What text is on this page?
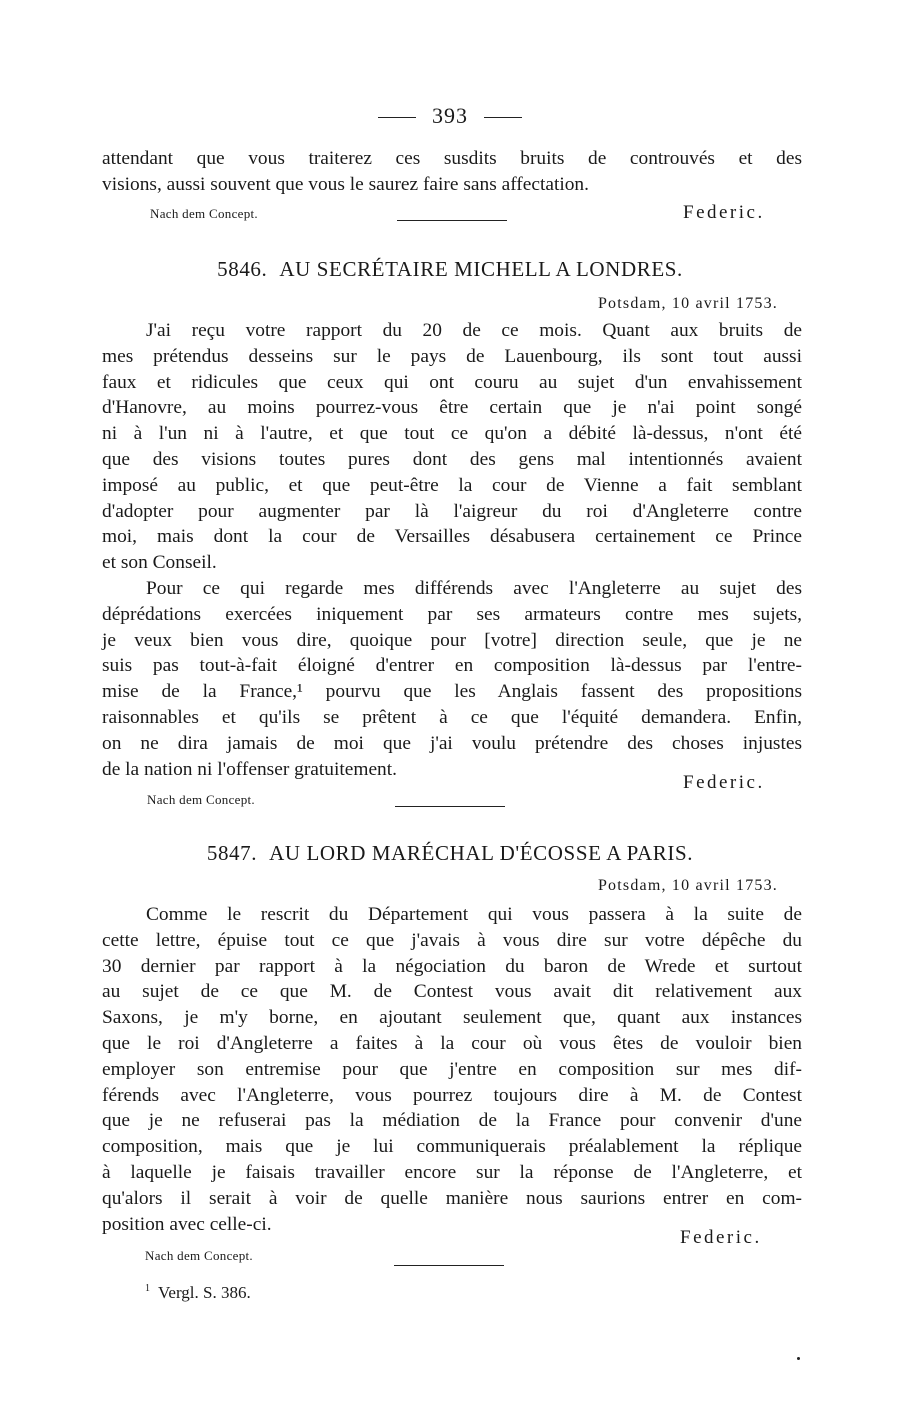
393
attendant que vous traiterez ces susdits bruits de controuvés et des
visions, aussi souvent que vous le saurez faire sans affectation.
Nach dem Concept.	Federic.
5846. AU SECRÉTAIRE MICHELL A LONDRES.
Potsdam, 10 avril 1753.
J'ai reçu votre rapport du 20 de ce mois. Quant aux bruits de
mes prétendus desseins sur le pays de Lauenbourg, ils sont tout aussi
faux et ridicules que ceux qui ont couru au sujet d'un envahissement
d'Hanovre, au moins pourrez-vous être certain que je n'ai point songé
ni à l'un ni à l'autre, et que tout ce qu'on a débité là-dessus, n'ont été
que des visions toutes pures dont des gens mal intentionnés avaient
imposé au public, et que peut-être la cour de Vienne a fait semblant
d'adopter pour augmenter par là l'aigreur du roi d'Angleterre contre
moi, mais dont la cour de Versailles désabusera certainement ce Prince
et son Conseil.
Pour ce qui regarde mes différends avec l'Angleterre au sujet des
déprédations exercées iniquement par ses armateurs contre mes sujets,
je veux bien vous dire, quoique pour [votre] direction seule, que je ne
suis pas tout-à-fait éloigné d'entrer en composition là-dessus par l'entre-
mise de la France,¹ pourvu que les Anglais fassent des propositions
raisonnables et qu'ils se prêtent à ce que l'équité demandera. Enfin,
on ne dira jamais de moi que j'ai voulu prétendre des choses injustes
de la nation ni l'offenser gratuitement.
Federic.
Nach dem Concept.
5847. AU LORD MARÉCHAL D'ÉCOSSE A PARIS.
Potsdam, 10 avril 1753.
Comme le rescrit du Département qui vous passera à la suite de
cette lettre, épuise tout ce que j'avais à vous dire sur votre dépêche du
30 dernier par rapport à la négociation du baron de Wrede et surtout
au sujet de ce que M. de Contest vous avait dit relativement aux
Saxons, je m'y borne, en ajoutant seulement que, quant aux instances
que le roi d'Angleterre a faites à la cour où vous êtes de vouloir bien
employer son entremise pour que j'entre en composition sur mes dif-
férends avec l'Angleterre, vous pourrez toujours dire à M. de Contest
que je ne refuserai pas la médiation de la France pour convenir d'une
composition, mais que je lui communiquerais préalablement la réplique
à laquelle je faisais travailler encore sur la réponse de l'Angleterre, et
qu'alors il serait à voir de quelle manière nous saurions entrer en com-
position avec celle-ci.
Federic.
Nach dem Concept.
$^1$ Vergl. S. 386.
